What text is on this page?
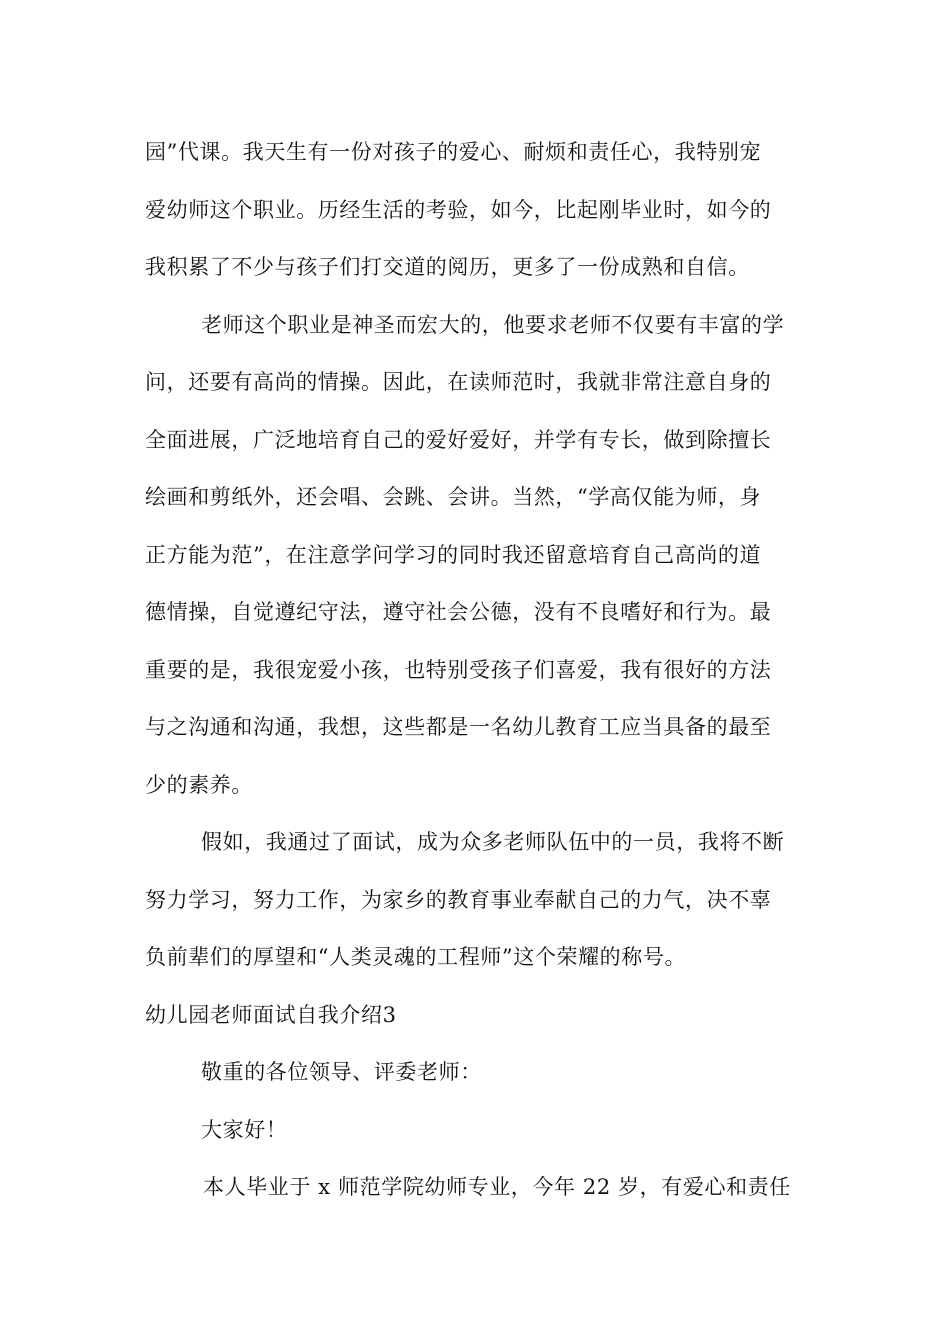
园”代课。我天生有一份对孩子的爱心、耐烦和责任心，我特别宠
爱幼师这个职业。历经生活的考验，如今，比起刚毕业时，如今的
我积累了不少与孩子们打交道的阅历，更多了一份成熟和自信。
老师这个职业是神圣而宏大的，他要求老师不仅要有丰富的学
问，还要有高尚的情操。因此，在读师范时，我就非常注意自身的
全面进展，广泛地培育自己的爱好爱好，并学有专长，做到除擅长
绘画和剪纸外，还会唱、会跳、会讲。当然，“学高仅能为师，身
正方能为范”，在注意学问学习的同时我还留意培育自己高尚的道
德情操，自觉遵纪守法，遵守社会公德，没有不良嗜好和行为。最
重要的是，我很宠爱小孩，也特别受孩子们喜爱，我有很好的方法
与之沟通和沟通，我想，这些都是一名幼儿教育工应当具备的最至
少的素养。
假如，我通过了面试，成为众多老师队伍中的一员，我将不断
努力学习，努力工作，为家乡的教育事业奉献自己的力气，决不辜
负前辈们的厚望和“人类灵魂的工程师”这个荣耀的称号。
幼儿园老师面试自我介绍3
敬重的各位领导、评委老师：
大家好！
本人毕业于 x 师范学院幼师专业，今年 22 岁，有爱心和责任
